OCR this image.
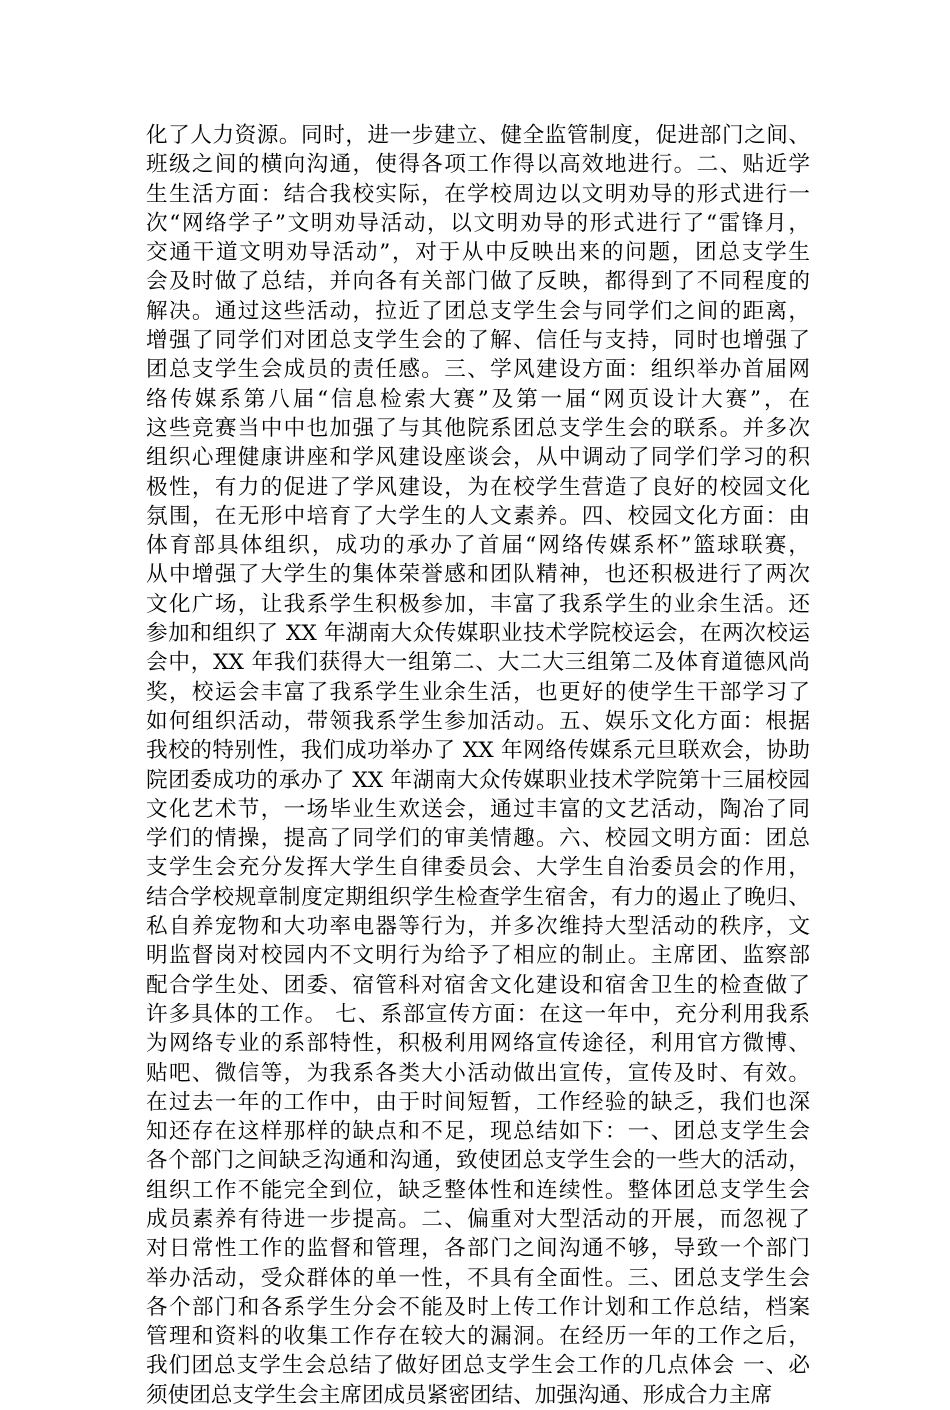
化了人力资源。同时，进一步建立、健全监管制度，促进部门之间、
班级之间的横向沟通，使得各项工作得以高效地进行。二、贴近学
生生活方面：结合我校实际，在学校周边以文明劝导的形式进行一
次“网络学子”文明劝导活动，以文明劝导的形式进行了“雷锋月，
交通干道文明劝导活动”，对于从中反映出来的问题，团总支学生
会及时做了总结，并向各有关部门做了反映，都得到了不同程度的
解决。通过这些活动，拉近了团总支学生会与同学们之间的距离，
增强了同学们对团总支学生会的了解、信任与支持，同时也增强了
团总支学生会成员的责任感。三、学风建设方面：组织举办首届网
络传媒系第八届“信息检索大赛”及第一届“网页设计大赛”，在
这些竞赛当中中也加强了与其他院系团总支学生会的联系。并多次
组织心理健康讲座和学风建设座谈会，从中调动了同学们学习的积
极性，有力的促进了学风建设，为在校学生营造了良好的校园文化
氛围，在无形中培育了大学生的人文素养。四、校园文化方面：由
体育部具体组织，成功的承办了首届“网络传媒系杯”篮球联赛，
从中增强了大学生的集体荣誉感和团队精神，也还积极进行了两次
文化广场，让我系学生积极参加，丰富了我系学生的业余生活。还
参加和组织了 XX 年湖南大众传媒职业技术学院校运会，在两次校运
会中，XX 年我们获得大一组第二、大二大三组第二及体育道德风尚
奖，校运会丰富了我系学生业余生活，也更好的使学生干部学习了
如何组织活动，带领我系学生参加活动。五、娱乐文化方面：根据
我校的特别性，我们成功举办了 XX 年网络传媒系元旦联欢会，协助
院团委成功的承办了 XX 年湖南大众传媒职业技术学院第十三届校园
文化艺术节，一场毕业生欢送会，通过丰富的文艺活动，陶冶了同
学们的情操，提高了同学们的审美情趣。六、校园文明方面：团总
支学生会充分发挥大学生自律委员会、大学生自治委员会的作用，
结合学校规章制度定期组织学生检查学生宿舍，有力的遏止了晚归、
私自养宠物和大功率电器等行为，并多次维持大型活动的秩序，文
明监督岗对校园内不文明行为给予了相应的制止。主席团、监察部
配合学生处、团委、宿管科对宿舍文化建设和宿舍卫生的检查做了
许多具体的工作。 七、系部宣传方面：在这一年中，充分利用我系
为网络专业的系部特性，积极利用网络宣传途径，利用官方微博、
贴吧、微信等，为我系各类大小活动做出宣传，宣传及时、有效。
在过去一年的工作中，由于时间短暂，工作经验的缺乏，我们也深
知还存在这样那样的缺点和不足，现总结如下：一、团总支学生会
各个部门之间缺乏沟通和沟通，致使团总支学生会的一些大的活动，
组织工作不能完全到位，缺乏整体性和连续性。整体团总支学生会
成员素养有待进一步提高。二、偏重对大型活动的开展，而忽视了
对日常性工作的监督和管理，各部门之间沟通不够，导致一个部门
举办活动，受众群体的单一性，不具有全面性。三、团总支学生会
各个部门和各系学生分会不能及时上传工作计划和工作总结，档案
管理和资料的收集工作存在较大的漏洞。在经历一年的工作之后，
我们团总支学生会总结了做好团总支学生会工作的几点体会 一、必
须使团总支学生会主席团成员紧密团结、加强沟通、形成合力主席
